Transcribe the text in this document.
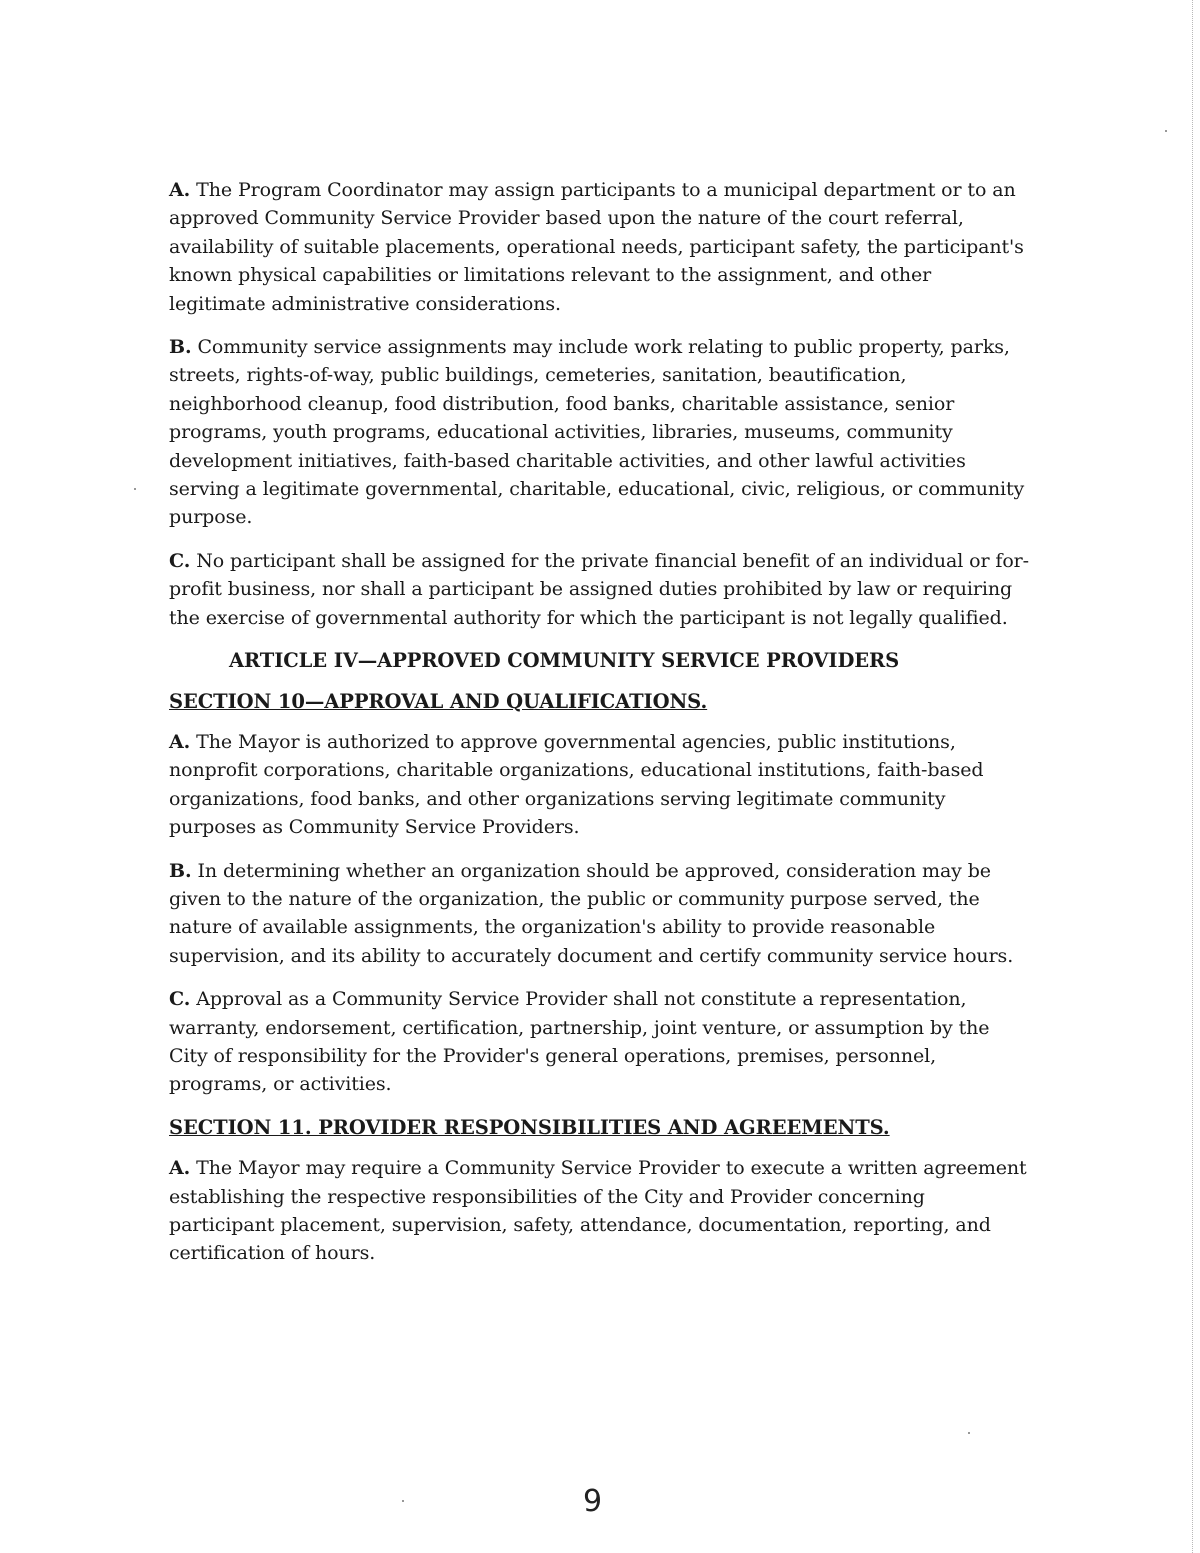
A. The Program Coordinator may assign participants to a municipal department or to an approved Community Service Provider based upon the nature of the court referral, availability of suitable placements, operational needs, participant safety, the participant's known physical capabilities or limitations relevant to the assignment, and other legitimate administrative considerations.

B. Community service assignments may include work relating to public property, parks, streets, rights-of-way, public buildings, cemeteries, sanitation, beautification, neighborhood cleanup, food distribution, food banks, charitable assistance, senior programs, youth programs, educational activities, libraries, museums, community development initiatives, faith-based charitable activities, and other lawful activities serving a legitimate governmental, charitable, educational, civic, religious, or community purpose.

C. No participant shall be assigned for the private financial benefit of an individual or for-profit business, nor shall a participant be assigned duties prohibited by law or requiring the exercise of governmental authority for which the participant is not legally qualified.

ARTICLE IV—APPROVED COMMUNITY SERVICE PROVIDERS
SECTION 10—APPROVAL AND QUALIFICATIONS.

A. The Mayor is authorized to approve governmental agencies, public institutions, nonprofit corporations, charitable organizations, educational institutions, faith-based organizations, food banks, and other organizations serving legitimate community purposes as Community Service Providers.

B. In determining whether an organization should be approved, consideration may be given to the nature of the organization, the public or community purpose served, the nature of available assignments, the organization's ability to provide reasonable supervision, and its ability to accurately document and certify community service hours.

C. Approval as a Community Service Provider shall not constitute a representation, warranty, endorsement, certification, partnership, joint venture, or assumption by the City of responsibility for the Provider's general operations, premises, personnel, programs, or activities.

SECTION 11. PROVIDER RESPONSIBILITIES AND AGREEMENTS.

A. The Mayor may require a Community Service Provider to execute a written agreement establishing the respective responsibilities of the City and Provider concerning participant placement, supervision, safety, attendance, documentation, reporting, and certification of hours.

9
